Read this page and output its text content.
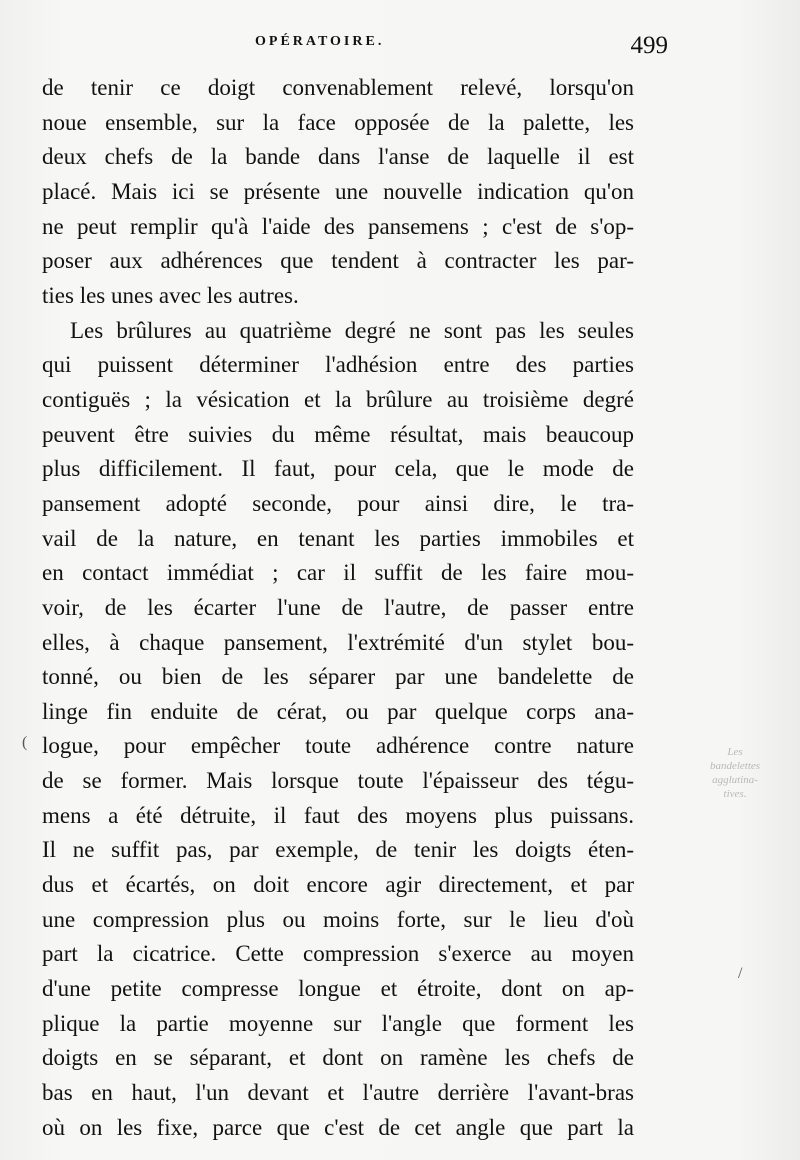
OPÉRATOIRE.	499
de tenir ce doigt convenablement relevé, lorsqu'on
noue ensemble, sur la face opposée de la palette, les
deux chefs de la bande dans l'anse de laquelle il est
placé. Mais ici se présente une nouvelle indication qu'on
ne peut remplir qu'à l'aide des pansemens ; c'est de s'op-
poser aux adhérences que tendent à contracter les par-
ties les unes avec les autres.
Les brûlures au quatrième degré ne sont pas les seules
qui puissent déterminer l'adhésion entre des parties
contiguës ; la vésication et la brûlure au troisième degré
peuvent être suivies du même résultat, mais beaucoup
plus difficilement. Il faut, pour cela, que le mode de
pansement adopté seconde, pour ainsi dire, le tra-
vail de la nature, en tenant les parties immobiles et
en contact immédiat ; car il suffit de les faire mou-
voir, de les écarter l'une de l'autre, de passer entre
elles, à chaque pansement, l'extrémité d'un stylet bou-
tonné, ou bien de les séparer par une bandelette de
linge fin enduite de cérat, ou par quelque corps ana-
logue, pour empêcher toute adhérence contre nature
de se former. Mais lorsque toute l'épaisseur des tégu-
mens a été détruite, il faut des moyens plus puissans.
Il ne suffit pas, par exemple, de tenir les doigts éten-
dus et écartés, on doit encore agir directement, et par
une compression plus ou moins forte, sur le lieu d'où
part la cicatrice. Cette compression s'exerce au moyen
d'une petite compresse longue et étroite, dont on ap-
plique la partie moyenne sur l'angle que forment les
doigts en se séparant, et dont on ramène les chefs de
bas en haut, l'un devant et l'autre derrière l'avant-bras
où on les fixe, parce que c'est de cet angle que part la
Les
bandelettes
agglutina-
tives.
(
/
